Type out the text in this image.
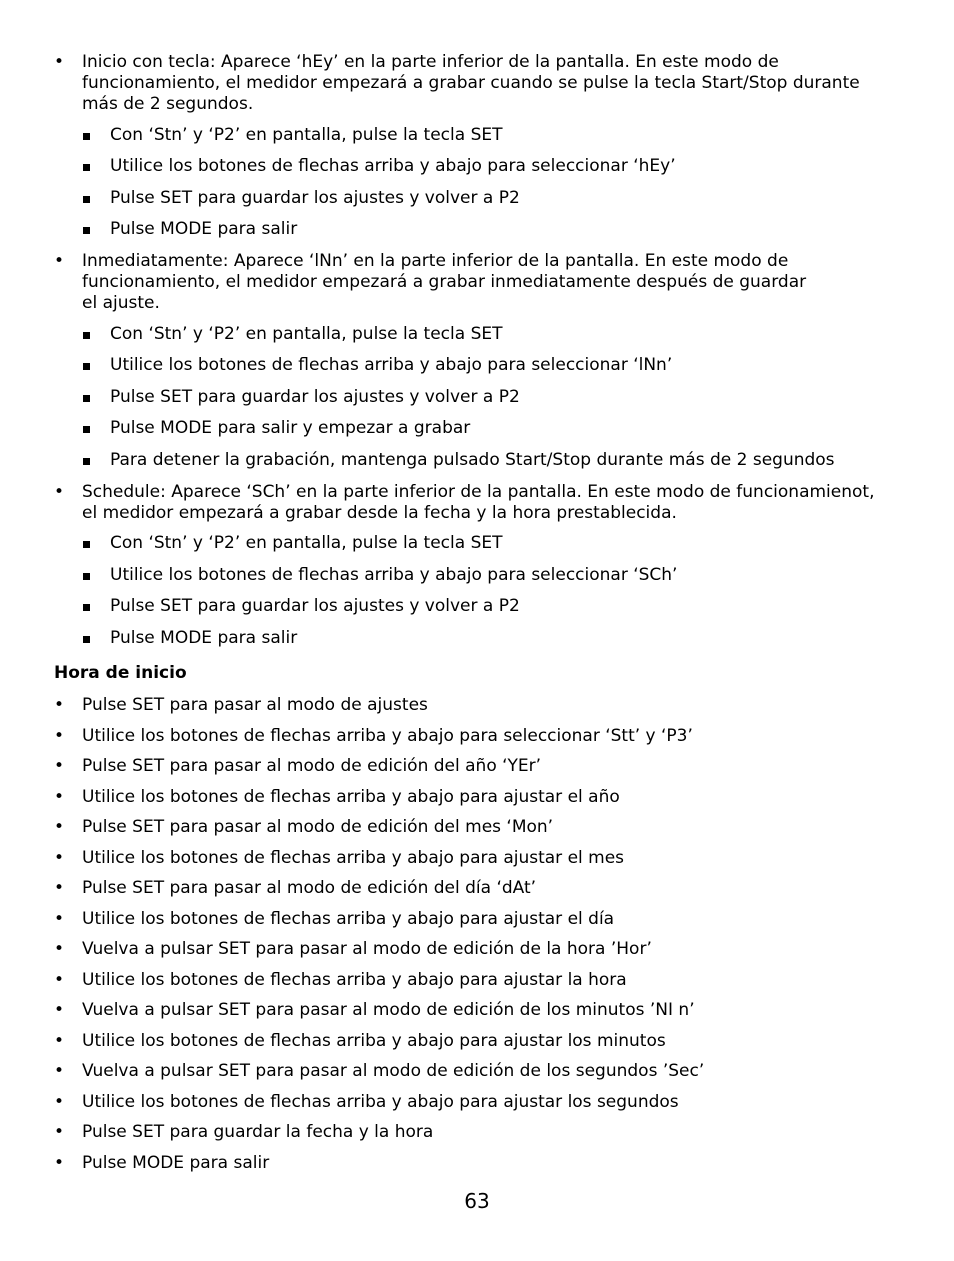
•	Inicio con tecla: Aparece ‘hEy’ en la parte inferior de la pantalla. En este modo de
funcionamiento, el medidor empezará a grabar cuando se pulse la tecla Start/Stop durante
más de 2 segundos.
Con ‘Stn’ y ‘P2’ en pantalla, pulse la tecla SET
Utilice los botones de flechas arriba y abajo para seleccionar ‘hEy’
Pulse SET para guardar los ajustes y volver a P2
Pulse MODE para salir
•	Inmediatamente: Aparece ‘lNn’ en la parte inferior de la pantalla. En este modo de
funcionamiento, el medidor empezará a grabar inmediatamente después de guardar
el ajuste.
Con ‘Stn’ y ‘P2’ en pantalla, pulse la tecla SET
Utilice los botones de flechas arriba y abajo para seleccionar ‘lNn’
Pulse SET para guardar los ajustes y volver a P2
Pulse MODE para salir y empezar a grabar
Para detener la grabación, mantenga pulsado Start/Stop durante más de 2 segundos
•	Schedule: Aparece ‘SCh’ en la parte inferior de la pantalla. En este modo de funcionamienot,
el medidor empezará a grabar desde la fecha y la hora prestablecida.
Con ‘Stn’ y ‘P2’ en pantalla, pulse la tecla SET
Utilice los botones de flechas arriba y abajo para seleccionar ‘SCh’
Pulse SET para guardar los ajustes y volver a P2
Pulse MODE para salir
•	Pulse SET para pasar al modo de ajustes
•	Utilice los botones de flechas arriba y abajo para seleccionar ‘Stt’ y ‘P3’
•	Pulse SET para pasar al modo de edición del año ‘YEr’
•	Utilice los botones de flechas arriba y abajo para ajustar el año
•	Pulse SET para pasar al modo de edición del mes ‘Mon’
•	Utilice los botones de flechas arriba y abajo para ajustar el mes
•	Pulse SET para pasar al modo de edición del día ‘dAt’
•	Utilice los botones de flechas arriba y abajo para ajustar el día
•	Vuelva a pulsar SET para pasar al modo de edición de la hora ’Hor’
•	Utilice los botones de flechas arriba y abajo para ajustar la hora
•	Vuelva a pulsar SET para pasar al modo de edición de los minutos ’NI n’
•	Utilice los botones de flechas arriba y abajo para ajustar los minutos
•	Vuelva a pulsar SET para pasar al modo de edición de los segundos ’Sec’
•	Utilice los botones de flechas arriba y abajo para ajustar los segundos
•	Pulse SET para guardar la fecha y la hora
•	Pulse MODE para salir
Hora de inicio
63
